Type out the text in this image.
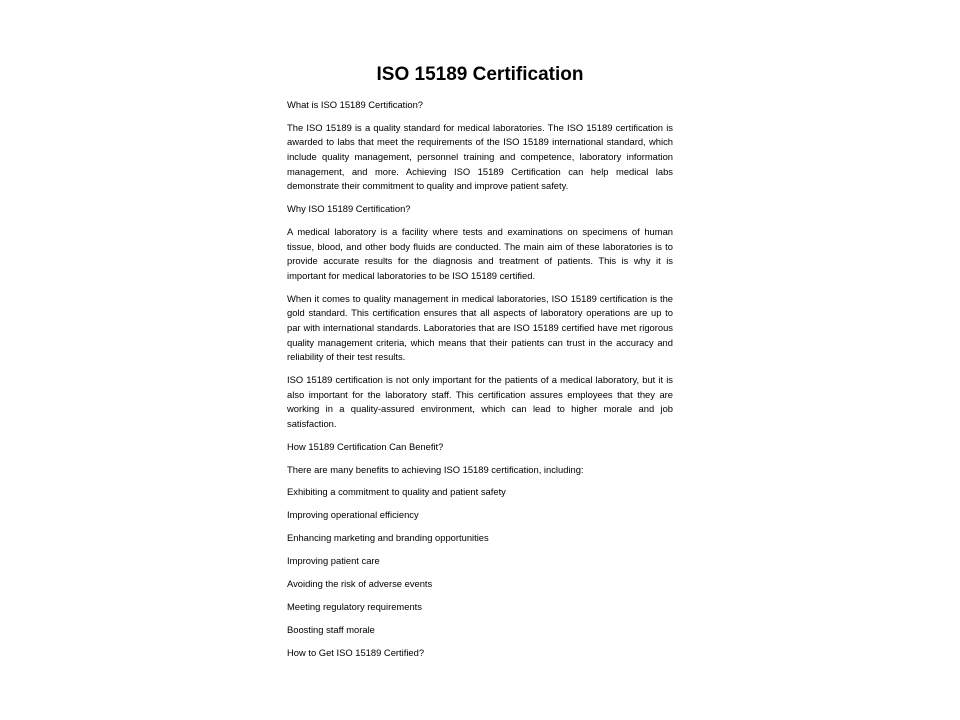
ISO 15189 Certification

What is ISO 15189 Certification?

The ISO 15189 is a quality standard for medical laboratories. The ISO 15189 certification is awarded to labs that meet the requirements of the ISO 15189 international standard, which include quality management, personnel training and competence, laboratory information management, and more. Achieving ISO 15189 Certification can help medical labs demonstrate their commitment to quality and improve patient safety.

Why ISO 15189 Certification?

A medical laboratory is a facility where tests and examinations on specimens of human tissue, blood, and other body fluids are conducted. The main aim of these laboratories is to provide accurate results for the diagnosis and treatment of patients. This is why it is important for medical laboratories to be ISO 15189 certified.

When it comes to quality management in medical laboratories, ISO 15189 certification is the gold standard. This certification ensures that all aspects of laboratory operations are up to par with international standards. Laboratories that are ISO 15189 certified have met rigorous quality management criteria, which means that their patients can trust in the accuracy and reliability of their test results.

ISO 15189 certification is not only important for the patients of a medical laboratory, but it is also important for the laboratory staff. This certification assures employees that they are working in a quality-assured environment, which can lead to higher morale and job satisfaction.

How 15189 Certification Can Benefit?

There are many benefits to achieving ISO 15189 certification, including:

Exhibiting a commitment to quality and patient safety

Improving operational efficiency

Enhancing marketing and branding opportunities

Improving patient care

Avoiding the risk of adverse events

Meeting regulatory requirements

Boosting staff morale

How to Get ISO 15189 Certified?
